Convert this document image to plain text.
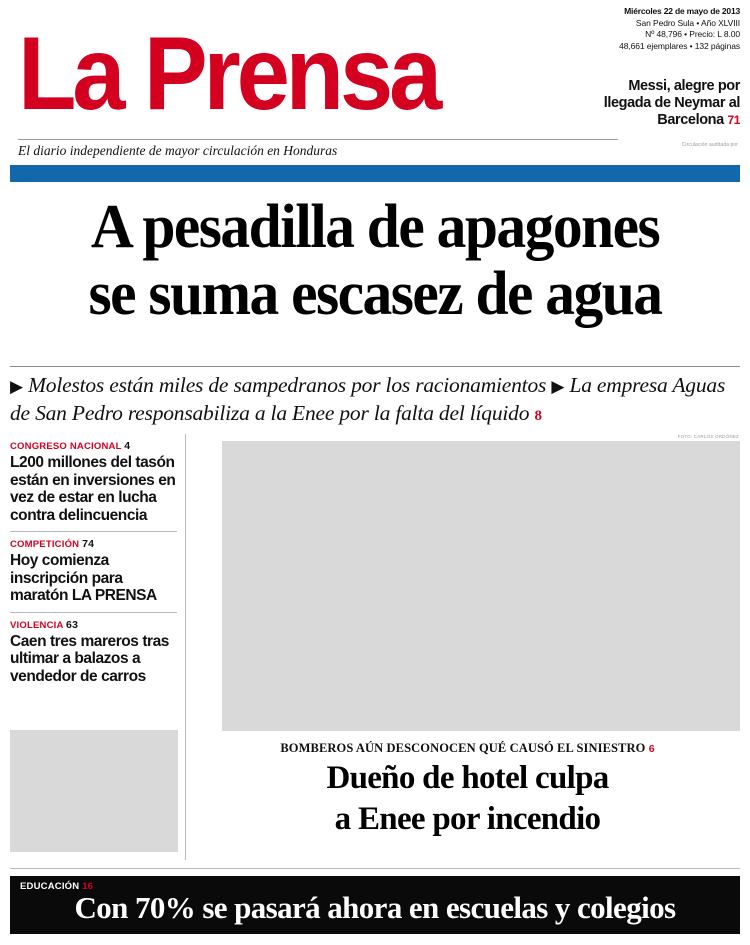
Miércoles 22 de mayo de 2013
San Pedro Sula • Año XLVIII
Nº 48,796 • Precio: L 8.00
48,661 ejemplares • 132 páginas
La Prensa	Messi, alegre por llegada de Neymar al Barcelona 71
El diario independiente de mayor circulación en Honduras	Circulación auditada por
A pesadilla de apagones
se suma escasez de agua
▶ Molestos están miles de sampedranos por los racionamientos ▶ La empresa Aguas de San Pedro responsabiliza a la Enee por la falta del líquido 8
CONGRESO NACIONAL 4
L200 millones del tasón están en inversiones en vez de estar en lucha contra delincuencia
COMPETICIÓN 74
Hoy comienza inscripción para maratón LA PRENSA
VIOLENCIA 63
Caen tres mareros tras ultimar a balazos a vendedor de carros
FOTO: CARLOS ORDÓÑEZ
BOMBEROS AÚN DESCONOCEN QUÉ CAUSÓ EL SINIESTRO 6
Dueño de hotel culpa
a Enee por incendio
EDUCACIÓN 16
Con 70% se pasará ahora en escuelas y colegios
